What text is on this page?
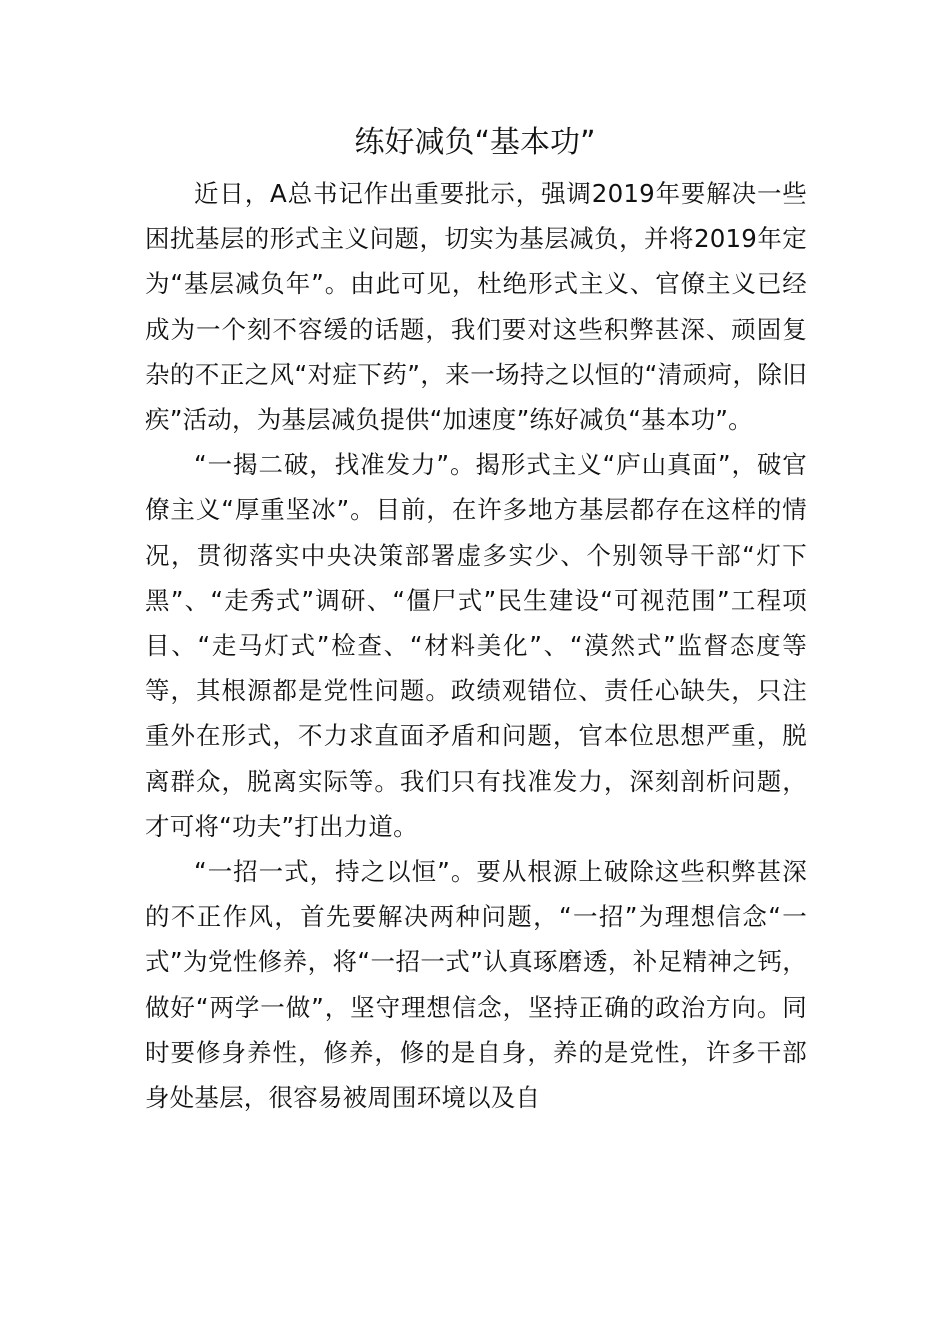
练好减负“基本功”

近日，A总书记作出重要批示，强调2019年要解决一些困扰基层的形式主义问题，切实为基层减负，并将2019年定为“基层减负年”。由此可见，杜绝形式主义、官僚主义已经成为一个刻不容缓的话题，我们要对这些积弊甚深、顽固复杂的不正之风“对症下药”，来一场持之以恒的“清顽疴，除旧疾”活动，为基层减负提供“加速度”练好减负“基本功”。

“一揭二破，找准发力”。揭形式主义“庐山真面”，破官僚主义“厚重坚冰”。目前，在许多地方基层都存在这样的情况，贯彻落实中央决策部署虚多实少、个别领导干部“灯下黑”、“走秀式”调研、“僵尸式”民生建设“可视范围”工程项目、“走马灯式”检查、“材料美化”、“漠然式”监督态度等等，其根源都是党性问题。政绩观错位、责任心缺失，只注重外在形式，不力求直面矛盾和问题，官本位思想严重，脱离群众，脱离实际等。我们只有找准发力，深刻剖析问题，才可将“功夫”打出力道。

“一招一式，持之以恒”。要从根源上破除这些积弊甚深的不正作风，首先要解决两种问题，“一招”为理想信念“一式”为党性修养，将“一招一式”认真琢磨透，补足精神之钙，做好“两学一做”，坚守理想信念，坚持正确的政治方向。同时要修身养性，修养，修的是自身，养的是党性，许多干部身处基层，很容易被周围环境以及自
